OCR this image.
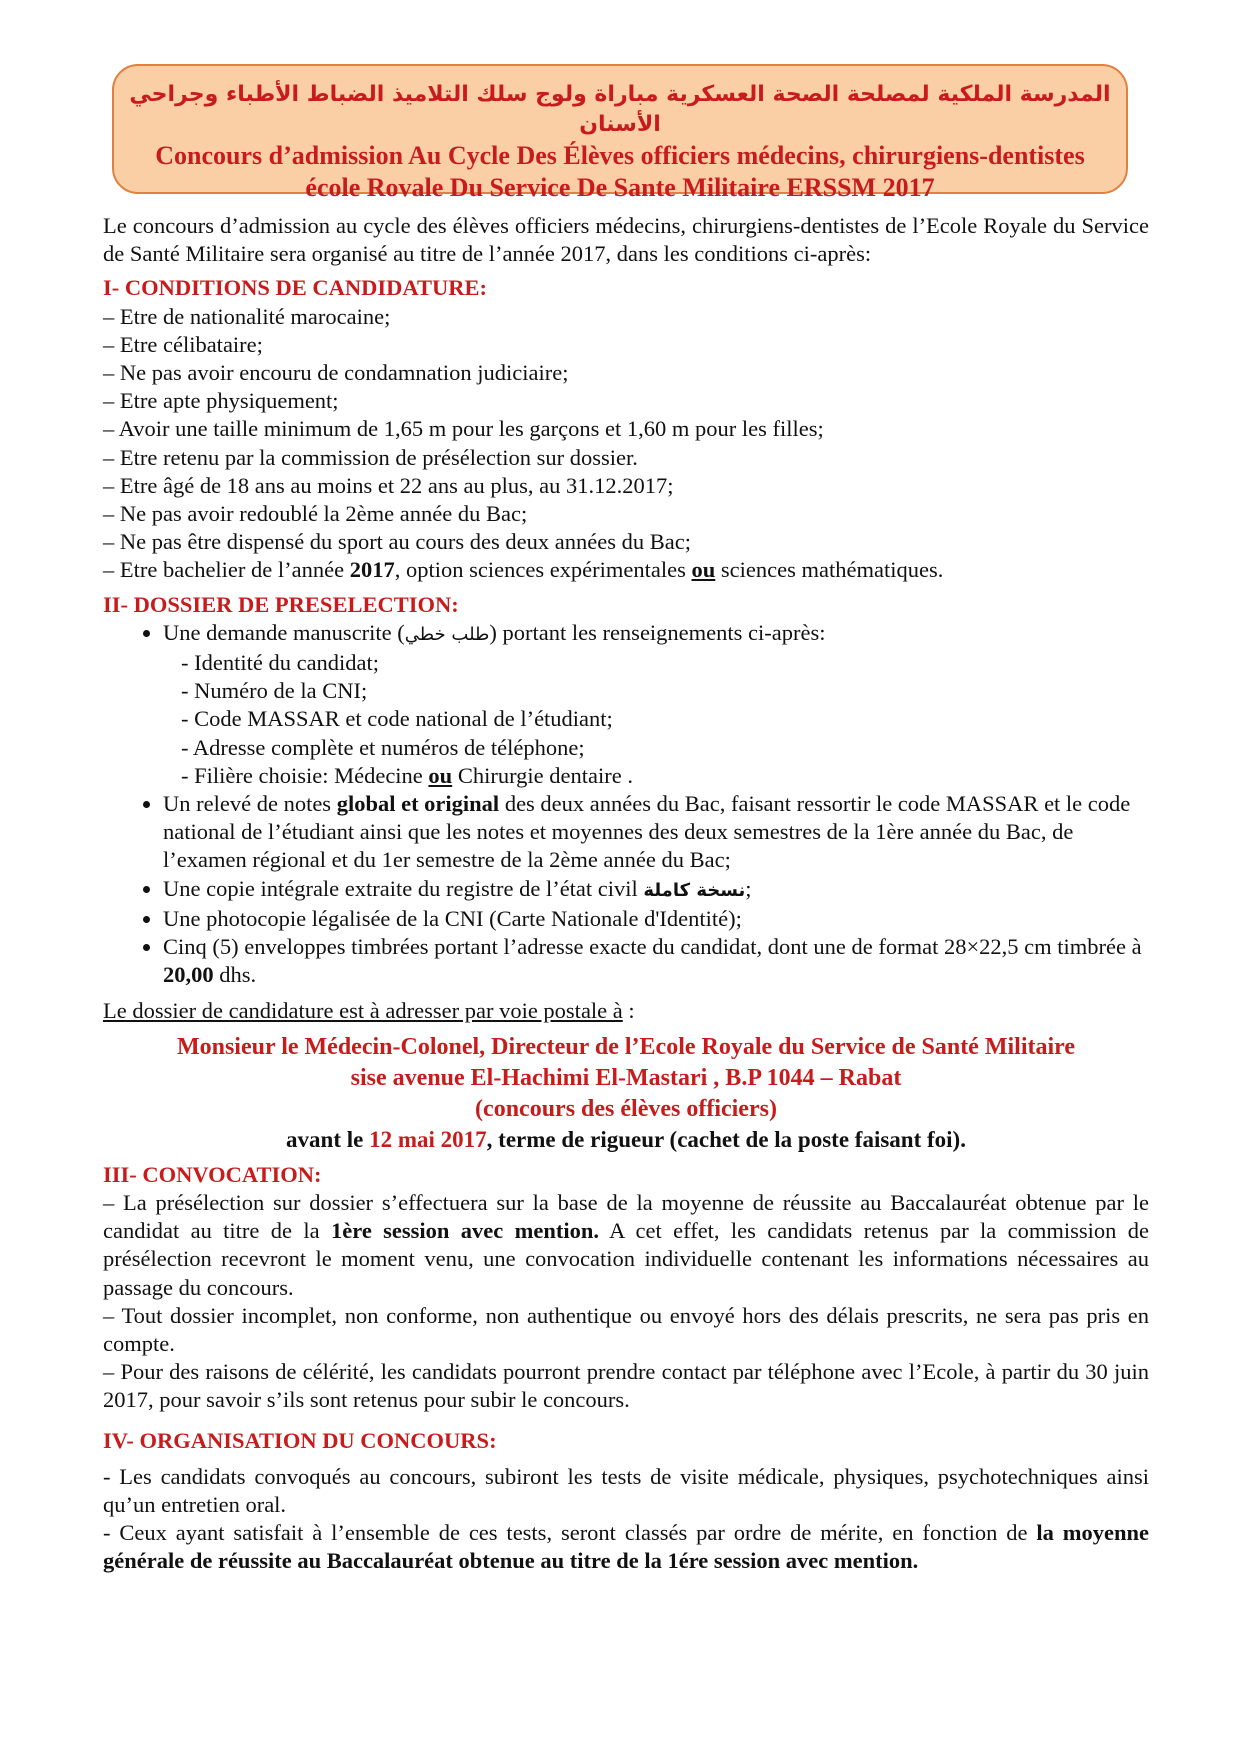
المدرسة الملكية لمصلحة الصحة العسكرية مباراة ولوج سلك التلاميذ الضباط الأطباء وجراحي الأسنان
Concours d’admission Au Cycle Des Élèves officiers médecins, chirurgiens-dentistes école Rovale Du Service De Sante Militaire ERSSM 2017

Le concours d’admission au cycle des élèves officiers médecins, chirurgiens-dentistes de l’Ecole Royale du Service de Santé Militaire sera organisé au titre de l’année 2017, dans les conditions ci-après:

I- CONDITIONS DE CANDIDATURE:

– Etre de nationalité marocaine;
– Etre célibataire;
– Ne pas avoir encouru de condamnation judiciaire;
– Etre apte physiquement;
– Avoir une taille minimum de 1,65 m pour les garçons et 1,60 m pour les filles;
– Etre retenu par la commission de présélection sur dossier.
– Etre âgé de 18 ans au moins et 22 ans au plus, au 31.12.2017;
– Ne pas avoir redoublé la 2ème année du Bac;
– Ne pas être dispensé du sport au cours des deux années du Bac;
– Etre bachelier de l’année 2017, option sciences expérimentales ou sciences mathématiques.

II- DOSSIER DE PRESELECTION:

• Une demande manuscrite (طلب خطي) portant les renseignements ci-après:
- Identité du candidat;
- Numéro de la CNI;
- Code MASSAR et code national de l’étudiant;
- Adresse complète et numéros de téléphone;
- Filière choisie: Médecine ou Chirurgie dentaire .
• Un relevé de notes global et original des deux années du Bac, faisant ressortir le code MASSAR et le code national de l’étudiant ainsi que les notes et moyennes des deux semestres de la 1ère année du Bac, de l’examen régional et du 1er semestre de la 2ème année du Bac;
• Une copie intégrale extraite du registre de l’état civil نسخة كاملة;
• Une photocopie légalisée de la CNI (Carte Nationale d'Identité);
• Cinq (5) enveloppes timbrées portant l’adresse exacte du candidat, dont une de format 28×22,5 cm timbrée à 20,00 dhs.

Le dossier de candidature est à adresser par voie postale à :

Monsieur le Médecin-Colonel, Directeur de l’Ecole Royale du Service de Santé Militaire
sise avenue El-Hachimi El-Mastari , B.P 1044 – Rabat
(concours des élèves officiers)
avant le 12 mai 2017, terme de rigueur (cachet de la poste faisant foi).

III- CONVOCATION:

– La présélection sur dossier s’effectuera sur la base de la moyenne de réussite au Baccalauréat obtenue par le candidat au titre de la 1ère session avec mention. A cet effet, les candidats retenus par la commission de présélection recevront le moment venu, une convocation individuelle contenant les informations nécessaires au passage du concours.

– Tout dossier incomplet, non conforme, non authentique ou envoyé hors des délais prescrits, ne sera pas pris en compte.

– Pour des raisons de célérité, les candidats pourront prendre contact par téléphone avec l’Ecole, à partir du 30 juin 2017, pour savoir s’ils sont retenus pour subir le concours.

IV- ORGANISATION DU CONCOURS:

- Les candidats convoqués au concours, subiront les tests de visite médicale, physiques, psychotechniques ainsi qu’un entretien oral.

- Ceux ayant satisfait à l’ensemble de ces tests, seront classés par ordre de mérite, en fonction de la moyenne générale de réussite au Baccalauréat obtenue au titre de la 1ére session avec mention.
